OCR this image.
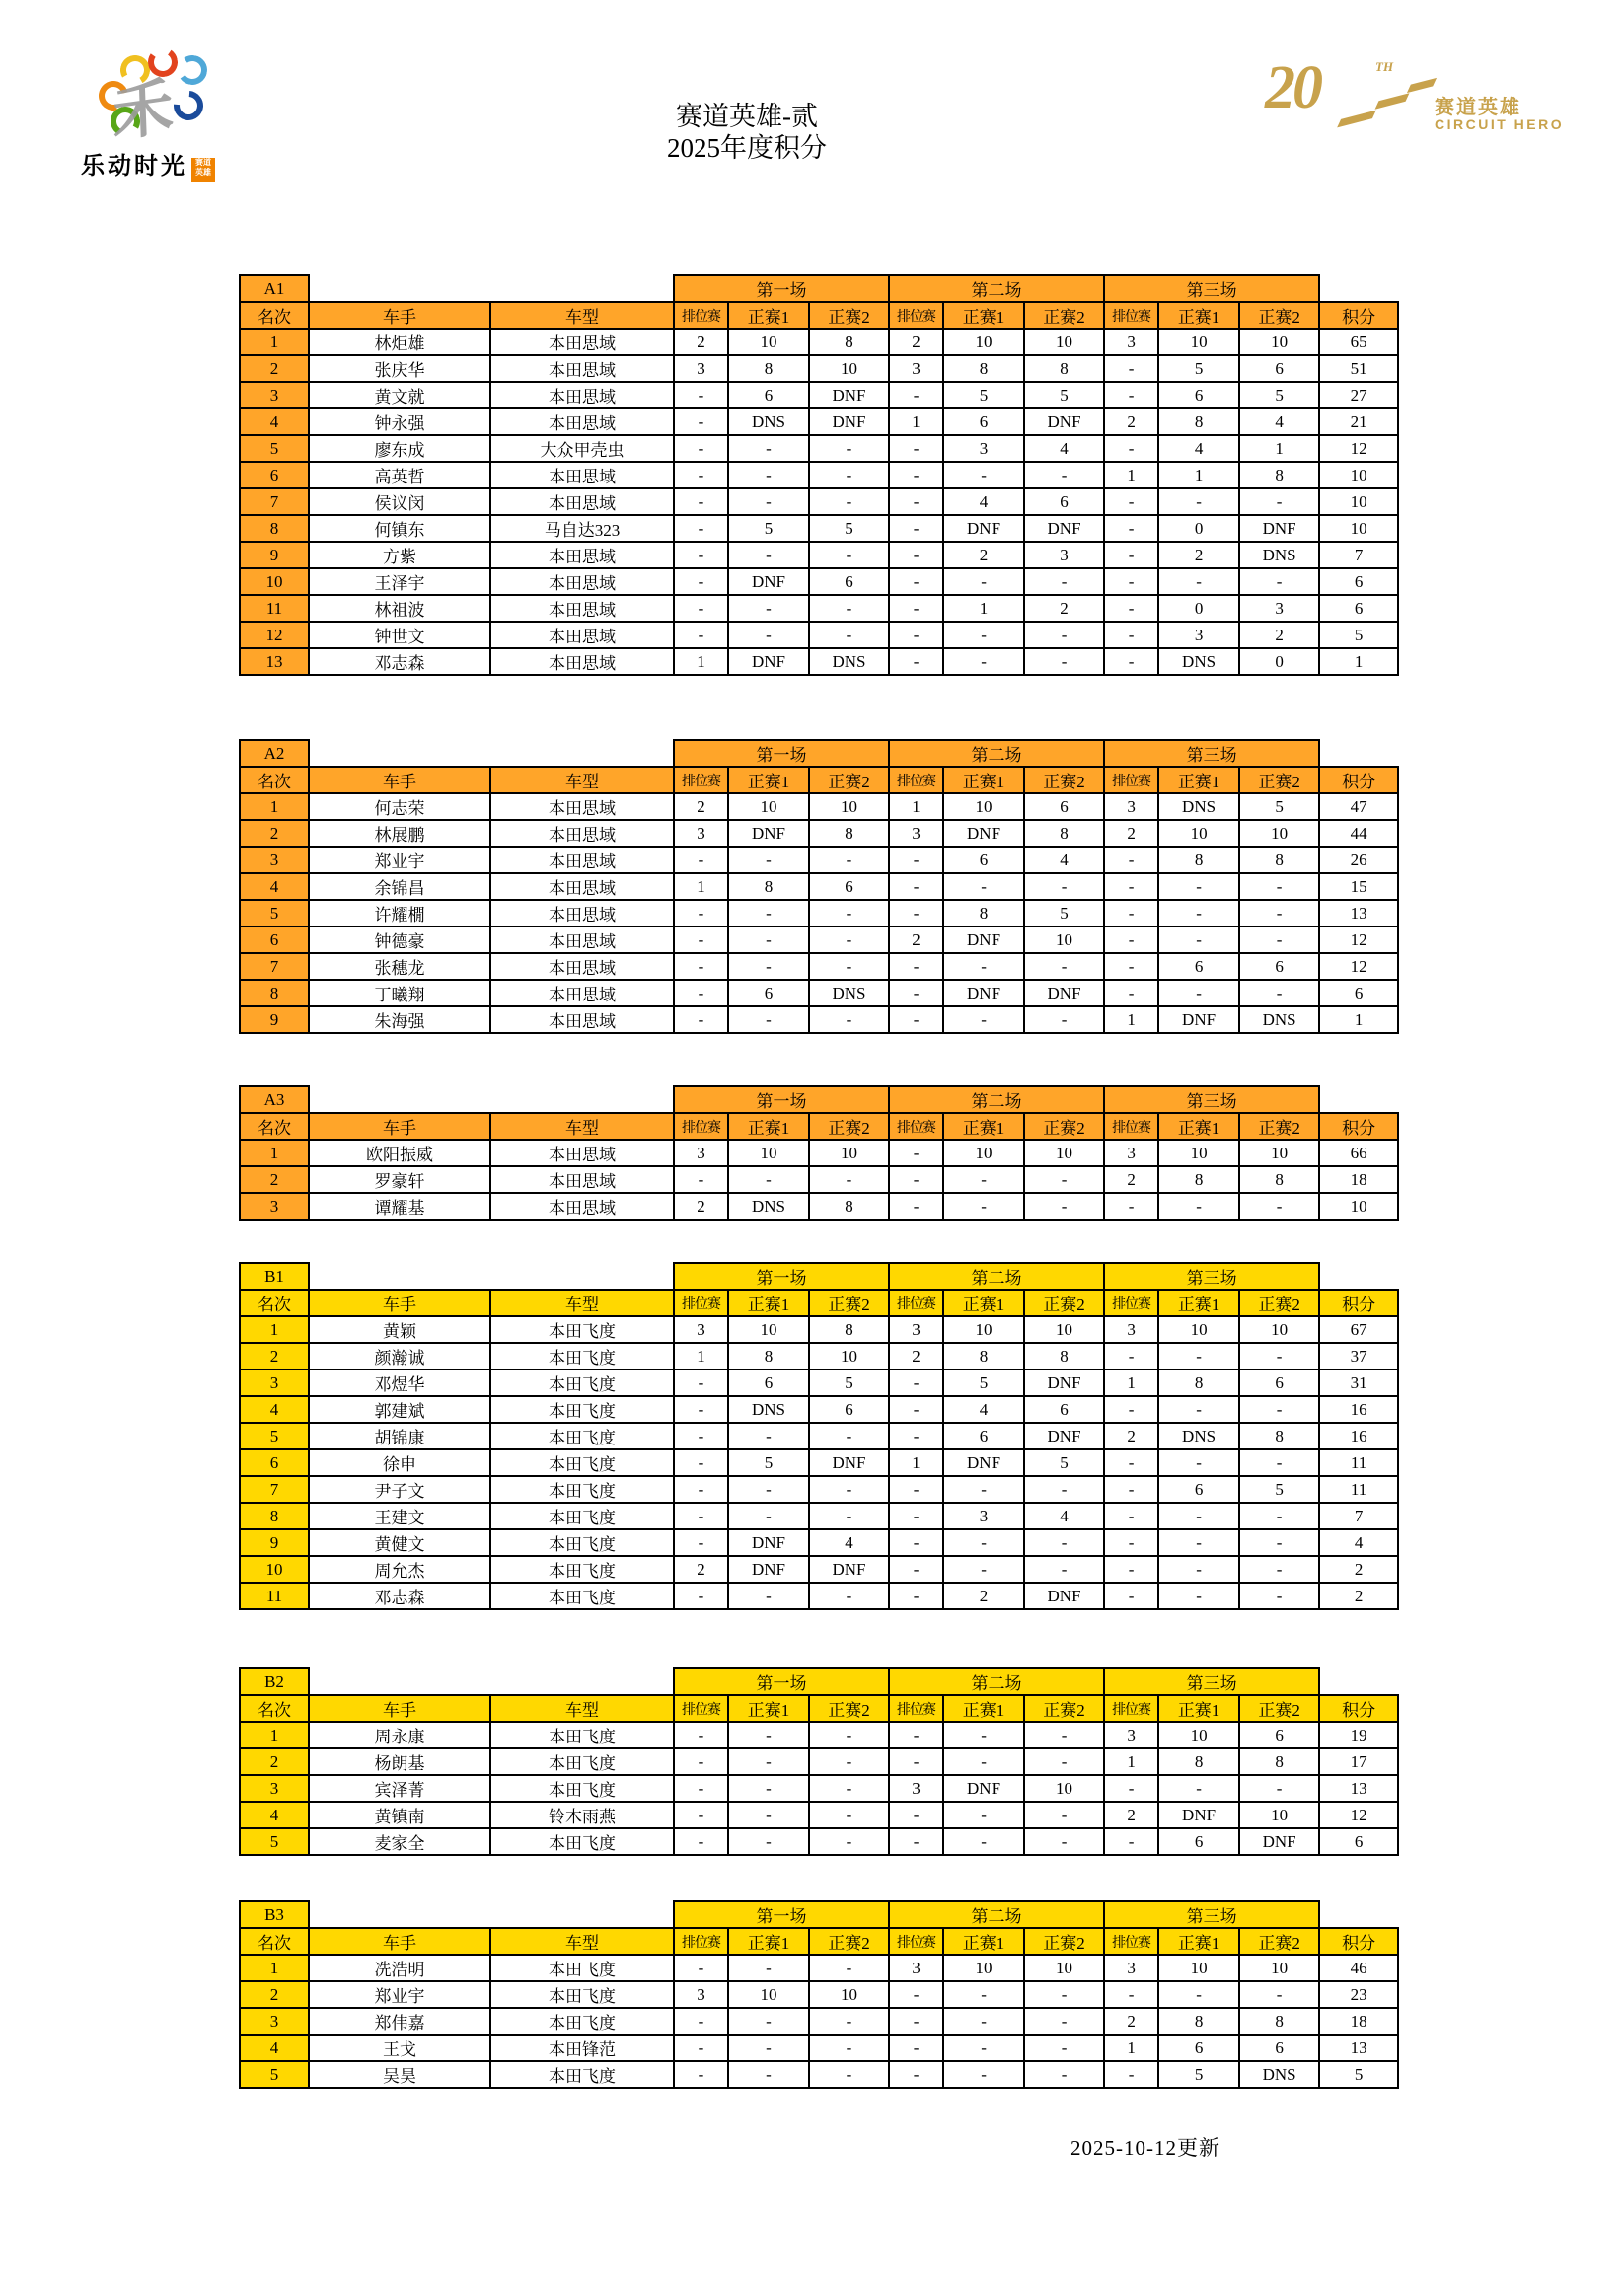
禾
乐动时光 赛道
英雄
赛道英雄-贰
2025年度积分
20	TH
赛道英雄
CIRCUIT HERO
A1			第一场			第二场			第三场			
名次	车手	车型	排位赛	正赛1	正赛2	排位赛	正赛1	正赛2	排位赛	正赛1	正赛2	积分
1	林炬雄	本田思域	2	10	8	2	10	10	3	10	10	65
2	张庆华	本田思域	3	8	10	3	8	8	-	5	6	51
3	黄文就	本田思域	-	6	DNF	-	5	5	-	6	5	27
4	钟永强	本田思域	-	DNS	DNF	1	6	DNF	2	8	4	21
5	廖东成	大众甲壳虫	-	-	-	-	3	4	-	4	1	12
6	高英哲	本田思域	-	-	-	-	-	-	1	1	8	10
7	侯议闵	本田思域	-	-	-	-	4	6	-	-	-	10
8	何镇东	马自达323	-	5	5	-	DNF	DNF	-	0	DNF	10
9	方紫	本田思域	-	-	-	-	2	3	-	2	DNS	7
10	王泽宇	本田思域	-	DNF	6	-	-	-	-	-	-	6
11	林祖波	本田思域	-	-	-	-	1	2	-	0	3	6
12	钟世文	本田思域	-	-	-	-	-	-	-	3	2	5
13	邓志森	本田思域	1	DNF	DNS	-	-	-	-	DNS	0	1
A2			第一场			第二场			第三场			
名次	车手	车型	排位赛	正赛1	正赛2	排位赛	正赛1	正赛2	排位赛	正赛1	正赛2	积分
1	何志荣	本田思域	2	10	10	1	10	6	3	DNS	5	47
2	林展鹏	本田思域	3	DNF	8	3	DNF	8	2	10	10	44
3	郑业宇	本田思域	-	-	-	-	6	4	-	8	8	26
4	余锦昌	本田思域	1	8	6	-	-	-	-	-	-	15
5	许耀橌	本田思域	-	-	-	-	8	5	-	-	-	13
6	钟德豪	本田思域	-	-	-	2	DNF	10	-	-	-	12
7	张穗龙	本田思域	-	-	-	-	-	-	-	6	6	12
8	丁曦翔	本田思域	-	6	DNS	-	DNF	DNF	-	-	-	6
9	朱海强	本田思域	-	-	-	-	-	-	1	DNF	DNS	1
A3			第一场			第二场			第三场			
名次	车手	车型	排位赛	正赛1	正赛2	排位赛	正赛1	正赛2	排位赛	正赛1	正赛2	积分
1	欧阳振威	本田思域	3	10	10	-	10	10	3	10	10	66
2	罗豪轩	本田思域	-	-	-	-	-	-	2	8	8	18
3	谭耀基	本田思域	2	DNS	8	-	-	-	-	-	-	10
B1			第一场			第二场			第三场			
名次	车手	车型	排位赛	正赛1	正赛2	排位赛	正赛1	正赛2	排位赛	正赛1	正赛2	积分
1	黄颖	本田飞度	3	10	8	3	10	10	3	10	10	67
2	颜瀚诚	本田飞度	1	8	10	2	8	8	-	-	-	37
3	邓煜华	本田飞度	-	6	5	-	5	DNF	1	8	6	31
4	郭建斌	本田飞度	-	DNS	6	-	4	6	-	-	-	16
5	胡锦康	本田飞度	-	-	-	-	6	DNF	2	DNS	8	16
6	徐申	本田飞度	-	5	DNF	1	DNF	5	-	-	-	11
7	尹子文	本田飞度	-	-	-	-	-	-	-	6	5	11
8	王建文	本田飞度	-	-	-	-	3	4	-	-	-	7
9	黄健文	本田飞度	-	DNF	4	-	-	-	-	-	-	4
10	周允杰	本田飞度	2	DNF	DNF	-	-	-	-	-	-	2
11	邓志森	本田飞度	-	-	-	-	2	DNF	-	-	-	2
B2			第一场			第二场			第三场			
名次	车手	车型	排位赛	正赛1	正赛2	排位赛	正赛1	正赛2	排位赛	正赛1	正赛2	积分
1	周永康	本田飞度	-	-	-	-	-	-	3	10	6	19
2	杨朗基	本田飞度	-	-	-	-	-	-	1	8	8	17
3	宾泽菁	本田飞度	-	-	-	3	DNF	10	-	-	-	13
4	黄镇南	铃木雨燕	-	-	-	-	-	-	2	DNF	10	12
5	麦家全	本田飞度	-	-	-	-	-	-	-	6	DNF	6
B3			第一场			第二场			第三场			
名次	车手	车型	排位赛	正赛1	正赛2	排位赛	正赛1	正赛2	排位赛	正赛1	正赛2	积分
1	冼浩明	本田飞度	-	-	-	3	10	10	3	10	10	46
2	郑业宇	本田飞度	3	10	10	-	-	-	-	-	-	23
3	郑伟嘉	本田飞度	-	-	-	-	-	-	2	8	8	18
4	王戈	本田锋范	-	-	-	-	-	-	1	6	6	13
5	吴昊	本田飞度	-	-	-	-	-	-	-	5	DNS	5
2025-10-12更新
